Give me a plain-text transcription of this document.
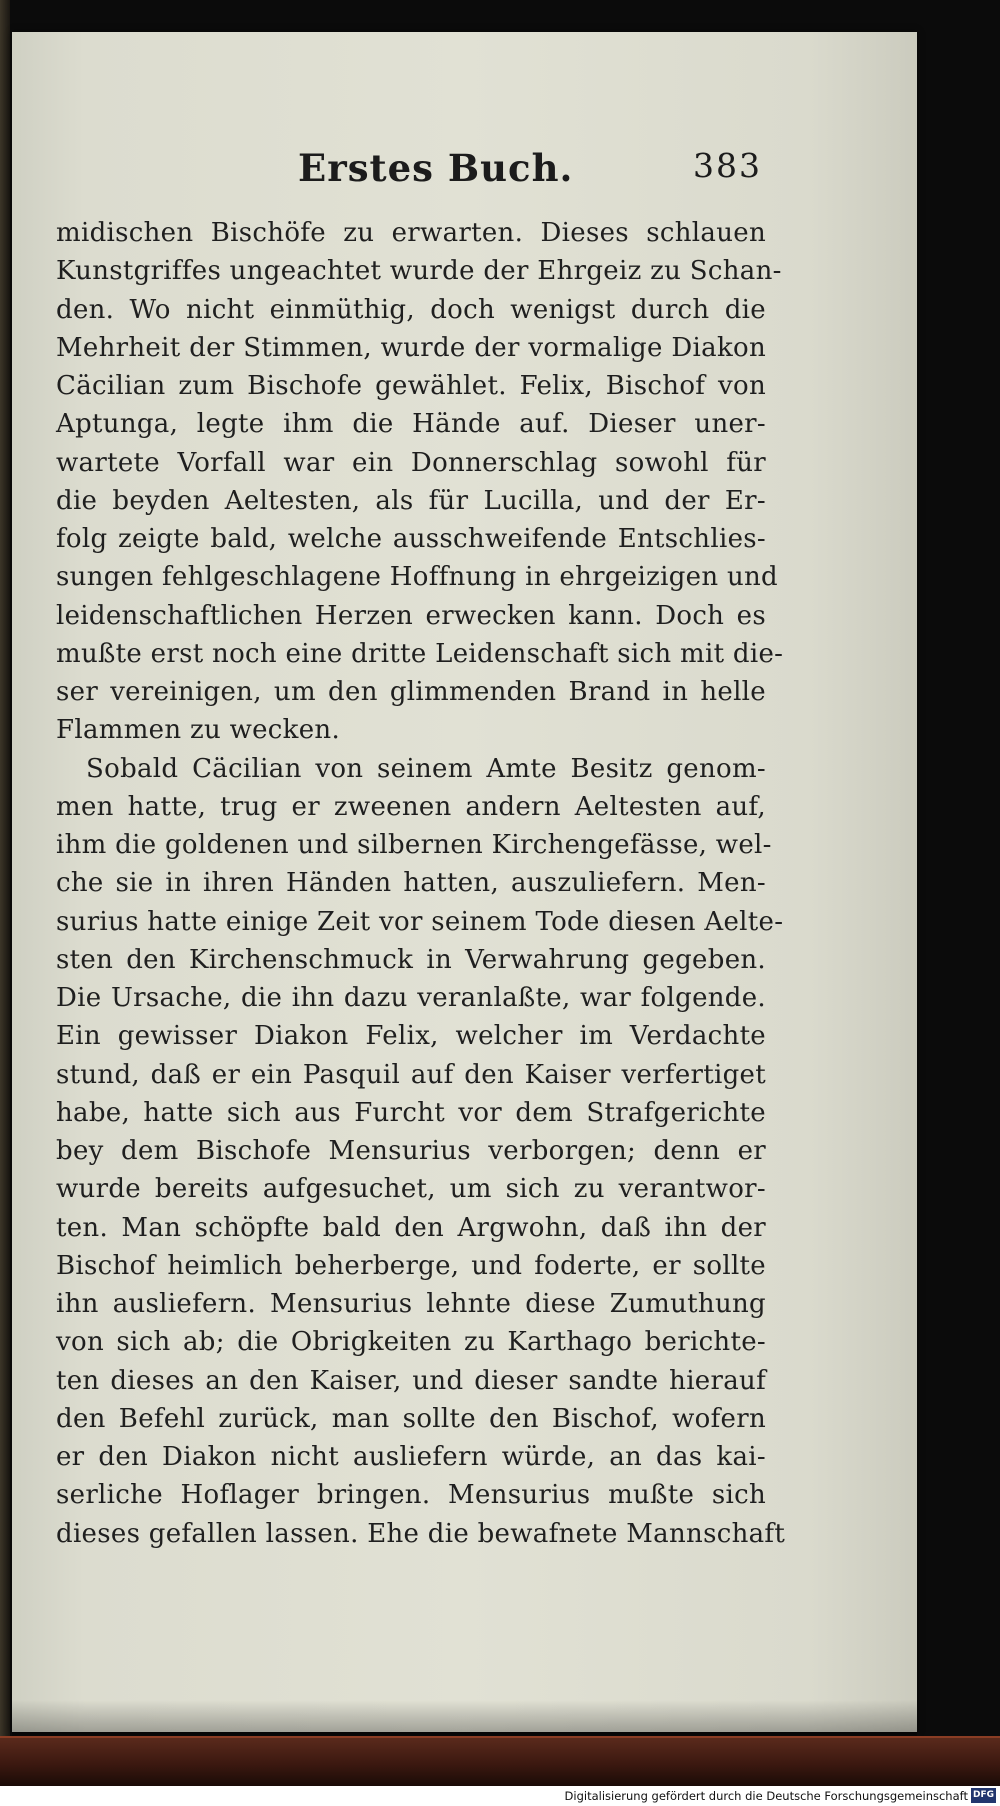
Erstes Buch.	383
midischen Bischöfe zu erwarten. Dieses schlauen
Kunstgriffes ungeachtet wurde der Ehrgeiz zu Schan-
den. Wo nicht einmüthig, doch wenigst durch die
Mehrheit der Stimmen, wurde der vormalige Diakon
Cäcilian zum Bischofe gewählet. Felix, Bischof von
Aptunga, legte ihm die Hände auf. Dieser uner-
wartete Vorfall war ein Donnerschlag sowohl für
die beyden Aeltesten, als für Lucilla, und der Er-
folg zeigte bald, welche ausschweifende Entschlies-
sungen fehlgeschlagene Hoffnung in ehrgeizigen und
leidenschaftlichen Herzen erwecken kann. Doch es
mußte erst noch eine dritte Leidenschaft sich mit die-
ser vereinigen, um den glimmenden Brand in helle
Flammen zu wecken.
Sobald Cäcilian von seinem Amte Besitz genom-
men hatte, trug er zweenen andern Aeltesten auf,
ihm die goldenen und silbernen Kirchengefässe, wel-
che sie in ihren Händen hatten, auszuliefern. Men-
surius hatte einige Zeit vor seinem Tode diesen Aelte-
sten den Kirchenschmuck in Verwahrung gegeben.
Die Ursache, die ihn dazu veranlaßte, war folgende.
Ein gewisser Diakon Felix, welcher im Verdachte
stund, daß er ein Pasquil auf den Kaiser verfertiget
habe, hatte sich aus Furcht vor dem Strafgerichte
bey dem Bischofe Mensurius verborgen; denn er
wurde bereits aufgesuchet, um sich zu verantwor-
ten. Man schöpfte bald den Argwohn, daß ihn der
Bischof heimlich beherberge, und foderte, er sollte
ihn ausliefern. Mensurius lehnte diese Zumuthung
von sich ab; die Obrigkeiten zu Karthago berichte-
ten dieses an den Kaiser, und dieser sandte hierauf
den Befehl zurück, man sollte den Bischof, wofern
er den Diakon nicht ausliefern würde, an das kai-
serliche Hoflager bringen. Mensurius mußte sich
dieses gefallen lassen. Ehe die bewafnete Mannschaft
Digitalisierung gefördert durch die Deutsche Forschungsgemeinschaft DFG
